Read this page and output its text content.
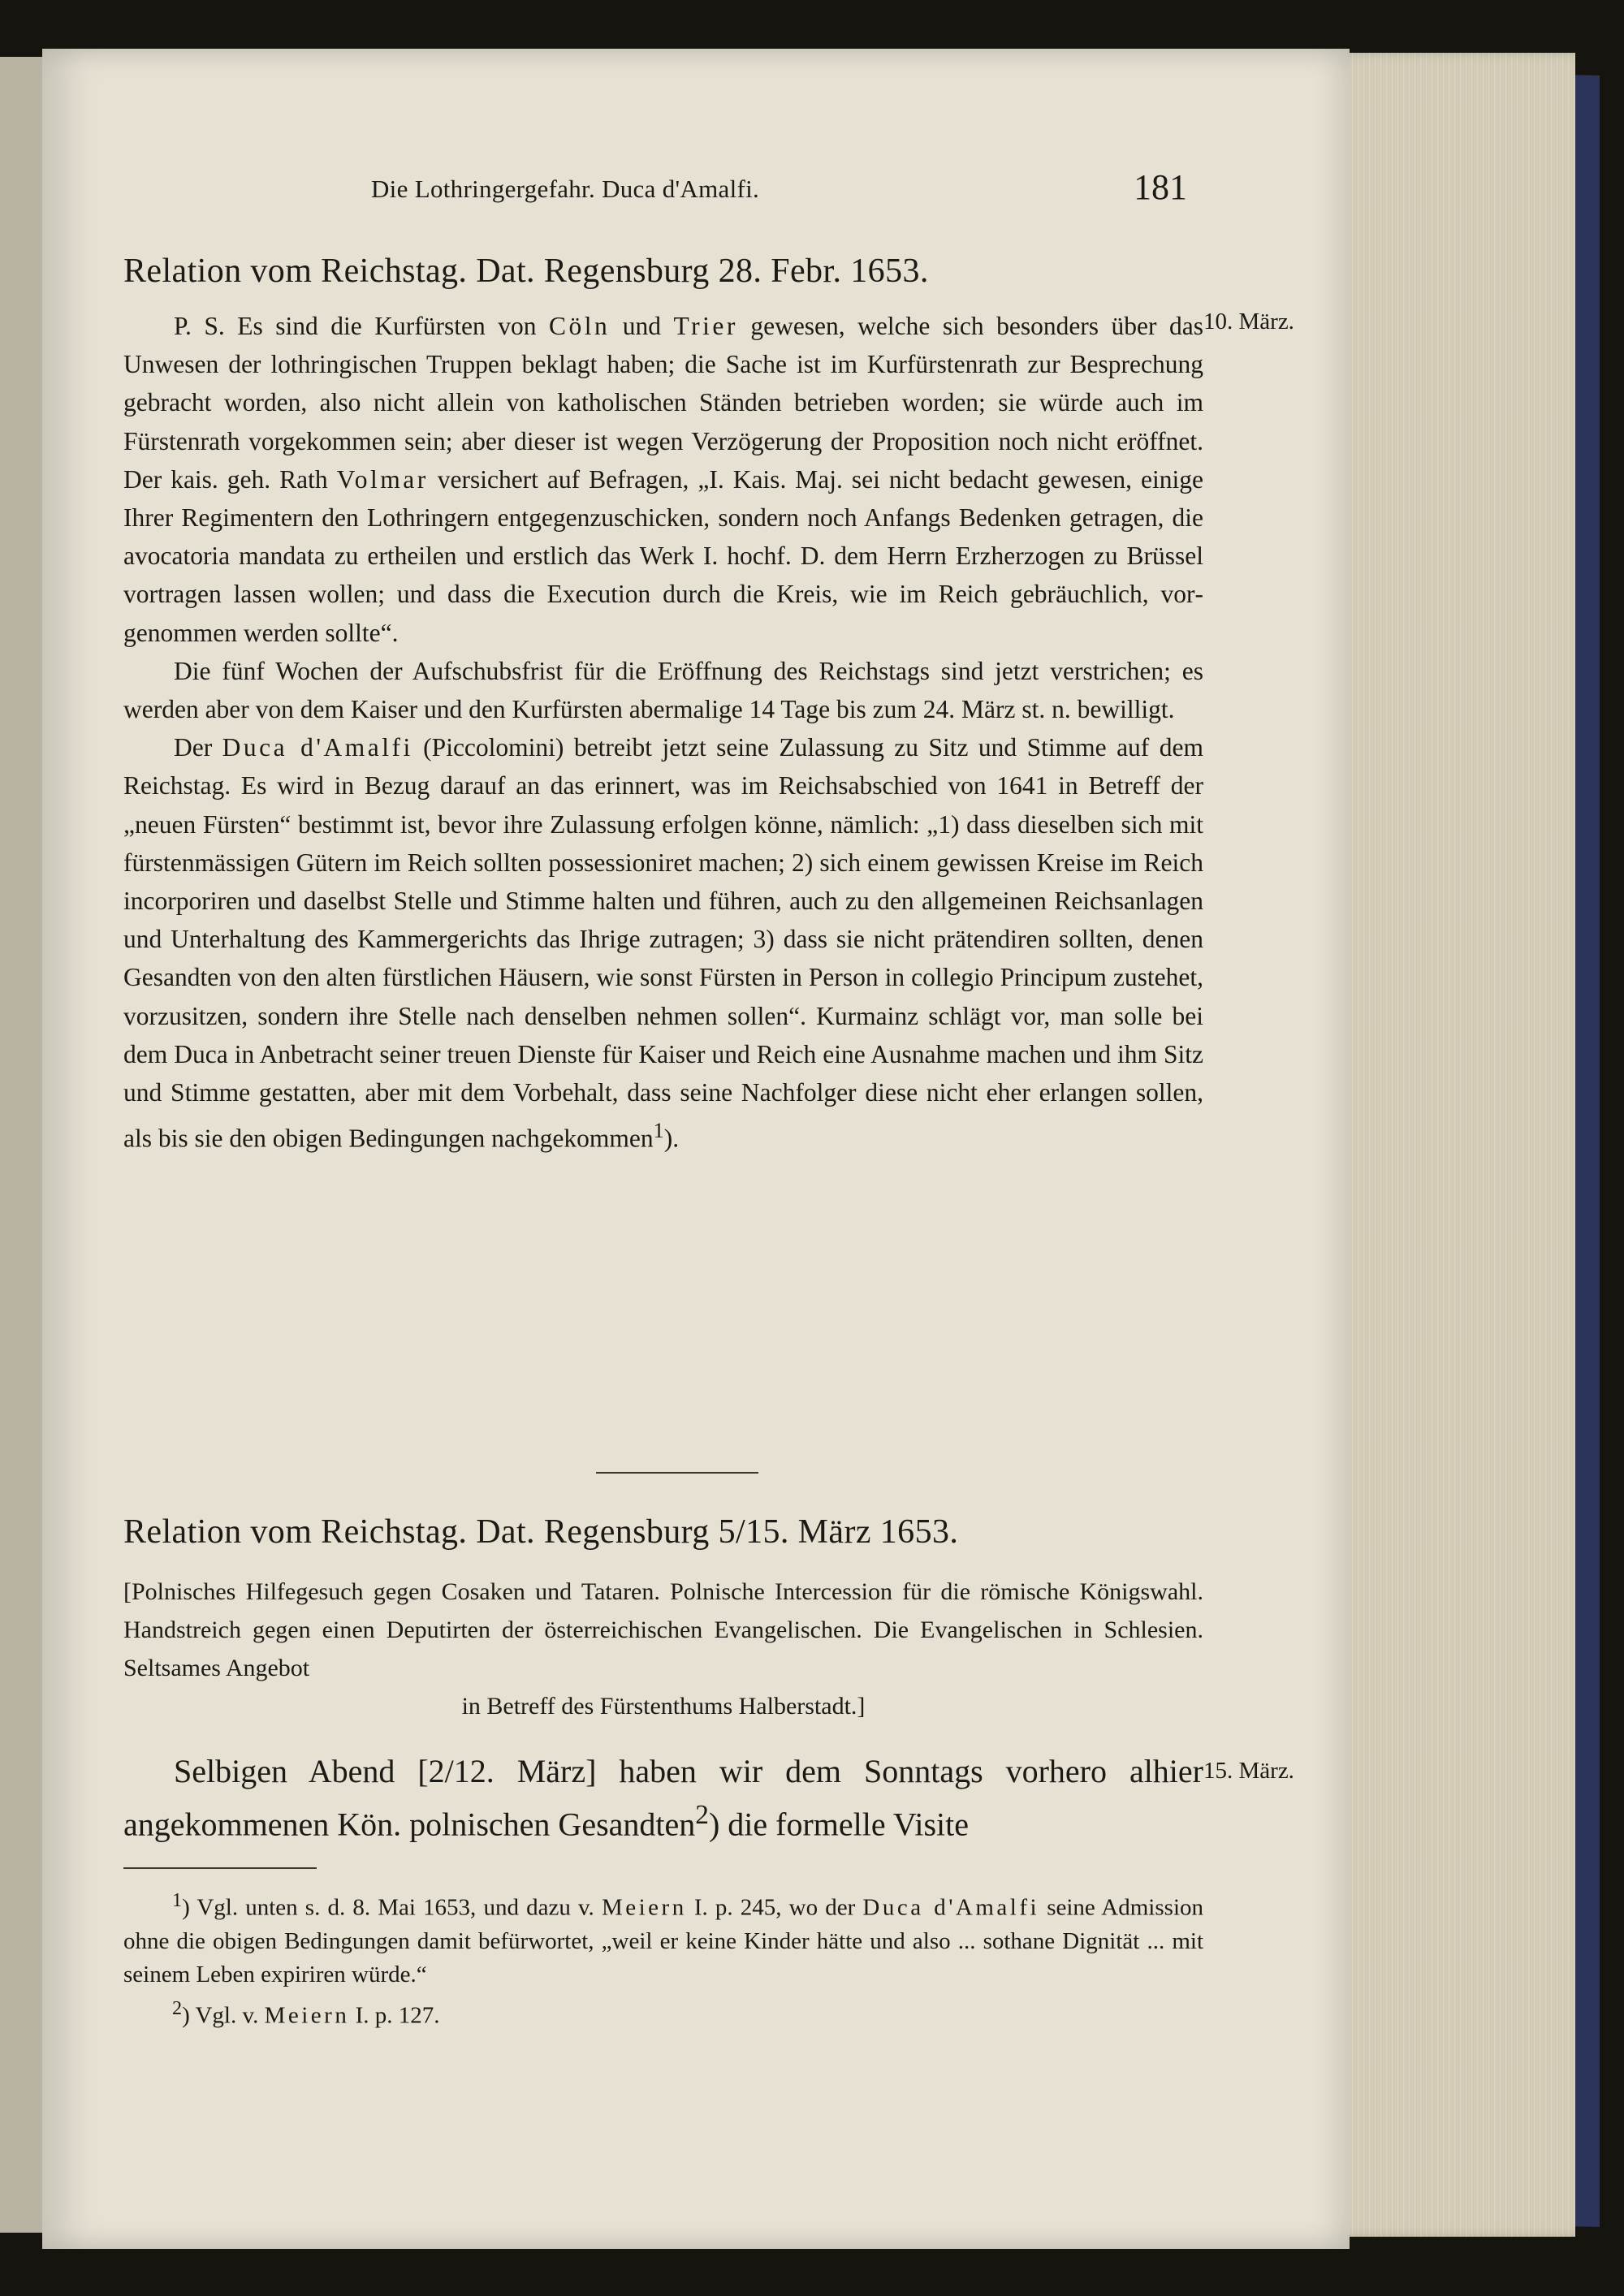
Die Lothringergefahr. Duca d'Amalfi.	181
Relation vom Reichstag. Dat. Regensburg 28. Febr. 1653.
10. März.

P. S. Es sind die Kurfürsten von Cöln und Trier gewesen, welche sich besonders über das Unwesen der lothringischen Truppen beklagt haben; die Sache ist im Kurfürstenrath zur Besprechung gebracht worden, also nicht allein von katholischen Ständen betrieben worden; sie würde auch im Fürstenrath vorgekommen sein; aber dieser ist wegen Verzögerung der Proposition noch nicht eröffnet. Der kais. geh. Rath Volmar versichert auf Befragen, „I. Kais. Maj. sei nicht bedacht gewesen, einige Ihrer Regimentern den Lothringern entgegenzuschicken, sondern noch Anfangs Bedenken getragen, die avocatoria mandata zu ertheilen und erstlich das Werk I. hochf. D. dem Herrn Erzherzogen zu Brüssel vortragen lassen wollen; und dass die Execution durch die Kreis, wie im Reich gebräuchlich, vorgenommen werden sollte“.

Die fünf Wochen der Aufschubsfrist für die Eröffnung des Reichstags sind jetzt verstrichen; es werden aber von dem Kaiser und den Kurfürsten abermalige 14 Tage bis zum 24. März st. n. bewilligt.

Der Duca d'Amalfi (Piccolomini) betreibt jetzt seine Zulassung zu Sitz und Stimme auf dem Reichstag. Es wird in Bezug darauf an das erinnert, was im Reichsabschied von 1641 in Betreff der „neuen Fürsten“ bestimmt ist, bevor ihre Zulassung erfolgen könne, nämlich: „1) dass dieselben sich mit fürstenmässigen Gütern im Reich sollten possessioniret machen; 2) sich einem gewissen Kreise im Reich incorporiren und daselbst Stelle und Stimme halten und führen, auch zu den allgemeinen Reichsanlagen und Unterhaltung des Kammergerichts das Ihrige zutragen; 3) dass sie nicht prätendiren sollten, denen Gesandten von den alten fürstlichen Häusern, wie sonst Fürsten in Person in collegio Principum zustehet, vorzusitzen, sondern ihre Stelle nach denselben nehmen sollen“. Kurmainz schlägt vor, man solle bei dem Duca in Anbetracht seiner treuen Dienste für Kaiser und Reich eine Ausnahme machen und ihm Sitz und Stimme gestatten, aber mit dem Vorbehalt, dass seine Nachfolger diese nicht eher erlangen sollen, als bis sie den obigen Bedingungen nachgekommen$^1$).

Relation vom Reichstag. Dat. Regensburg 5/15. März 1653.

[Polnisches Hilfegesuch gegen Cosaken und Tataren. Polnische Intercession für die römische Königswahl. Handstreich gegen einen Deputirten der österreichischen Evangelischen. Die Evangelischen in Schlesien. Seltsames Angebot

in Betreff des Fürstenthums Halberstadt.]

15. März.

Selbigen Abend [2/12. März] haben wir dem Sonntags vorhero alhier angekommenen Kön. polnischen Gesandten$^2$) die formelle Visite

$^1$) Vgl. unten s. d. 8. Mai 1653, und dazu v. Meiern I. p. 245, wo der Duca d'Amalfi seine Admission ohne die obigen Bedingungen damit befürwortet, „weil er keine Kinder hätte und also ... sothane Dignität ... mit seinem Leben expiriren würde.“

$^2$) Vgl. v. Meiern I. p. 127.
